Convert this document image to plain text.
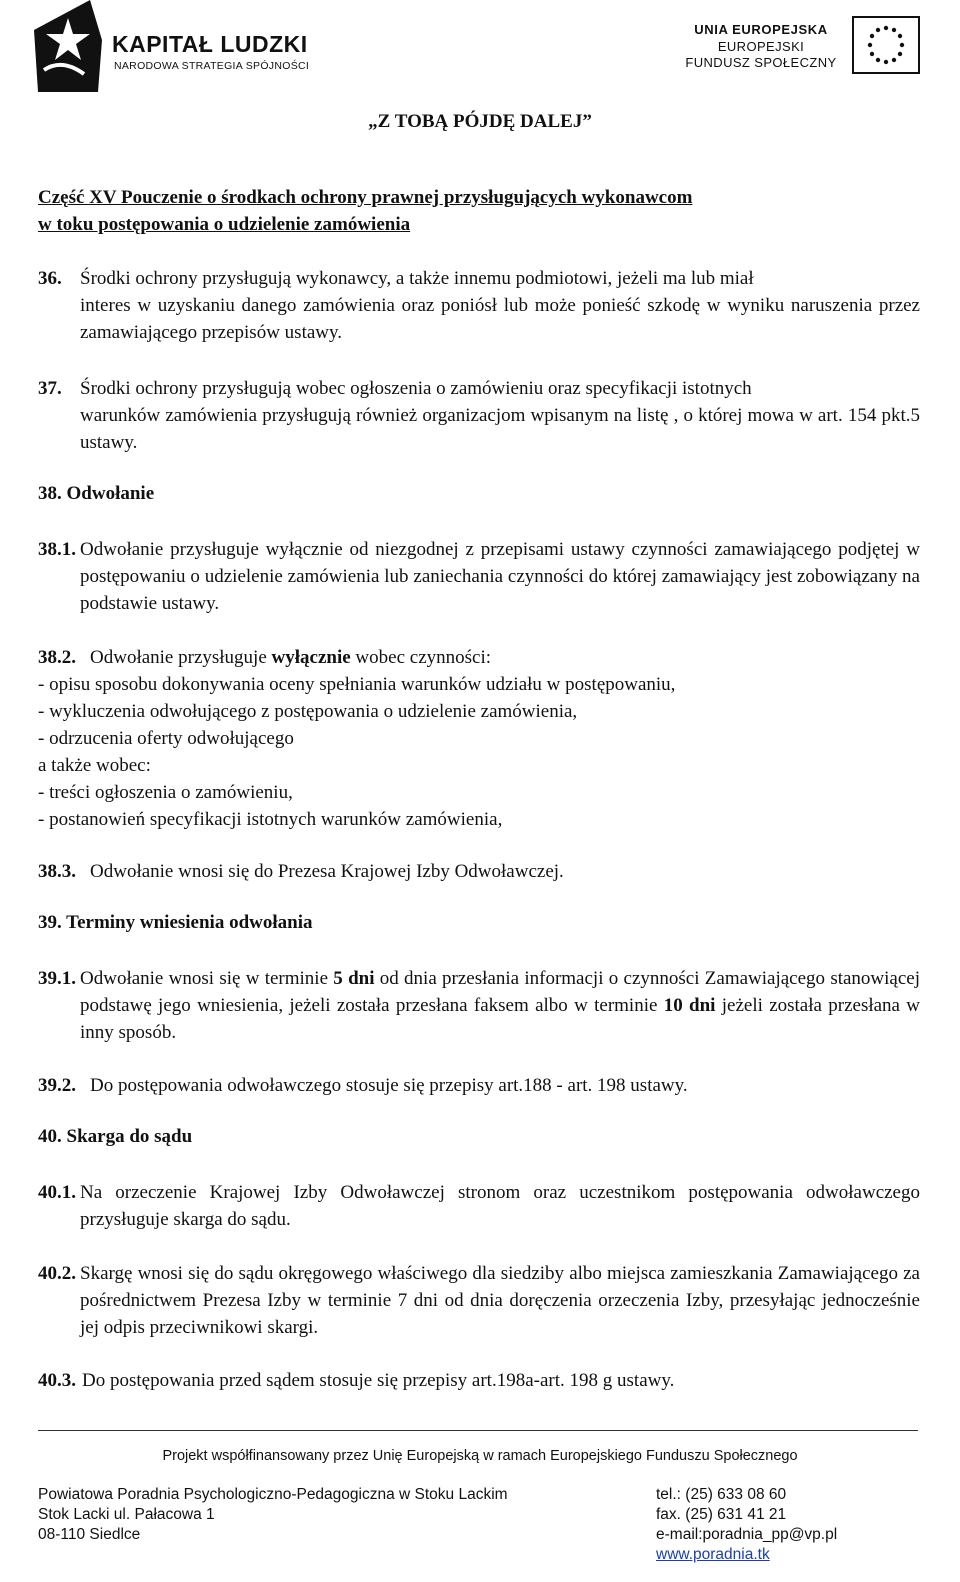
KAPITAŁ LUDZKI
NARODOWA STRATEGIA SPÓJNOŚCI
UNIA EUROPEJSKA
EUROPEJSKI
FUNDUSZ SPOŁECZNY
„Z TOBĄ PÓJDĘ DALEJ”
Część XV Pouczenie o środkach ochrony prawnej przysługujących wykonawcom
w toku postępowania o udzielenie zamówienia
36. Środki ochrony przysługują wykonawcy, a także innemu podmiotowi, jeżeli ma lub miał
interes w uzyskaniu danego zamówienia oraz poniósł lub może ponieść szkodę w wyniku naruszenia przez zamawiającego przepisów ustawy.
37. Środki ochrony przysługują wobec ogłoszenia o zamówieniu oraz specyfikacji istotnych
warunków zamówienia przysługują również organizacjom wpisanym na listę , o której mowa w art. 154 pkt.5 ustawy.
38. Odwołanie
38.1. Odwołanie przysługuje wyłącznie od niezgodnej z przepisami ustawy czynności zamawiającego podjętej w postępowaniu o udzielenie zamówienia lub zaniechania czynności do której zamawiający jest zobowiązany na podstawie ustawy.
38.2. Odwołanie przysługuje wyłącznie wobec czynności:
- opisu sposobu dokonywania oceny spełniania warunków udziału w postępowaniu,
- wykluczenia odwołującego z postępowania o udzielenie zamówienia,
- odrzucenia oferty odwołującego
a także wobec:
- treści ogłoszenia o zamówieniu,
- postanowień specyfikacji istotnych warunków zamówienia,
38.3. Odwołanie wnosi się do Prezesa Krajowej Izby Odwoławczej.
39. Terminy wniesienia odwołania
39.1. Odwołanie wnosi się w terminie 5 dni od dnia przesłania informacji o czynności Zamawiającego stanowiącej podstawę jego wniesienia, jeżeli została przesłana faksem albo w terminie 10 dni jeżeli została przesłana w inny sposób.
39.2. Do postępowania odwoławczego stosuje się przepisy art.188 - art. 198 ustawy.
40. Skarga do sądu
40.1. Na orzeczenie Krajowej Izby Odwoławczej stronom oraz uczestnikom postępowania odwoławczego przysługuje skarga do sądu.
40.2. Skargę wnosi się do sądu okręgowego właściwego dla siedziby albo miejsca zamieszkania Zamawiającego za pośrednictwem Prezesa Izby w terminie 7 dni od dnia doręczenia orzeczenia Izby, przesyłając jednocześnie jej odpis przeciwnikowi skargi.
40.3. Do postępowania przed sądem stosuje się przepisy art.198a-art. 198 g ustawy.
Projekt współfinansowany przez Unię Europejską w ramach Europejskiego Funduszu Społecznego
Powiatowa Poradnia Psychologiczno-Pedagogiczna w Stoku Lackim
Stok Lacki ul. Pałacowa 1
08-110 Siedlce
tel.: (25) 633 08 60
fax. (25) 631 41 21
e-mail:poradnia_pp@vp.pl
www.poradnia.tk
